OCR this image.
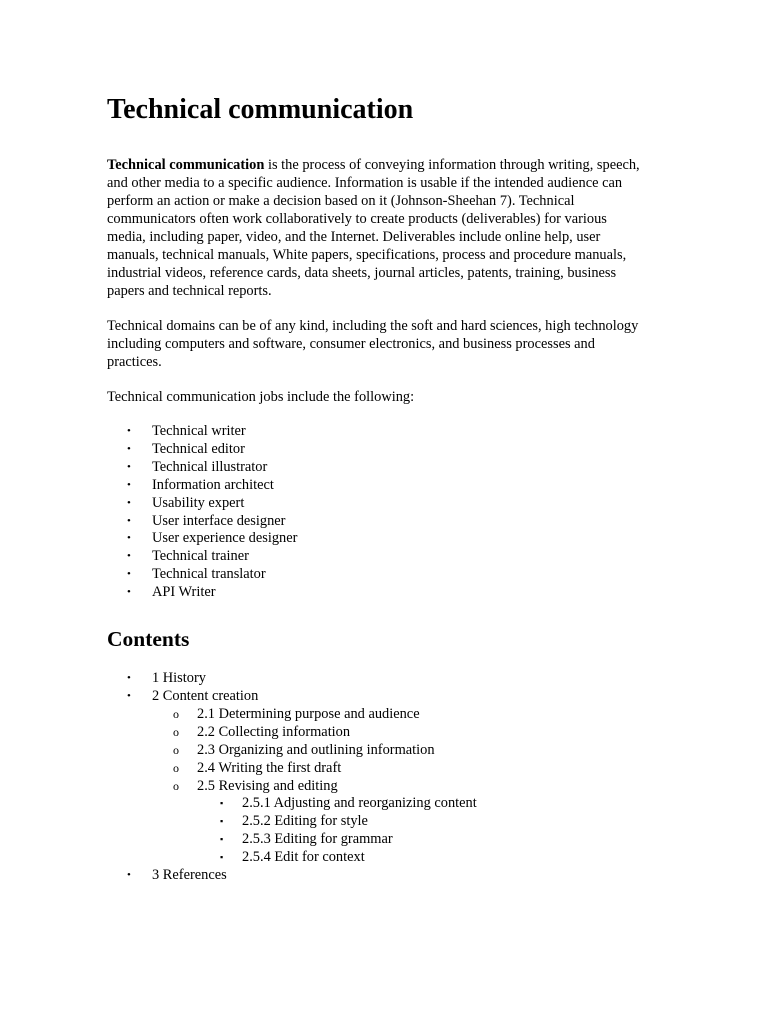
Technical communication

Technical communication is the process of conveying information through writing, speech, and other media to a specific audience. Information is usable if the intended audience can perform an action or make a decision based on it (Johnson-Sheehan 7). Technical communicators often work collaboratively to create products (deliverables) for various media, including paper, video, and the Internet. Deliverables include online help, user manuals, technical manuals, White papers, specifications, process and procedure manuals, industrial videos, reference cards, data sheets, journal articles, patents, training, business papers and technical reports.

Technical domains can be of any kind, including the soft and hard sciences, high technology including computers and software, consumer electronics, and business processes and practices.

Technical communication jobs include the following:

• Technical writer
• Technical editor
• Technical illustrator
• Information architect
• Usability expert
• User interface designer
• User experience designer
• Technical trainer
• Technical translator
• API Writer
Contents
• 1 History
• 2 Content creation
o 2.1 Determining purpose and audience
o 2.2 Collecting information
o 2.3 Organizing and outlining information
o 2.4 Writing the first draft
o 2.5 Revising and editing
▪ 2.5.1 Adjusting and reorganizing content
▪ 2.5.2 Editing for style
▪ 2.5.3 Editing for grammar
▪ 2.5.4 Edit for context
• 3 References
